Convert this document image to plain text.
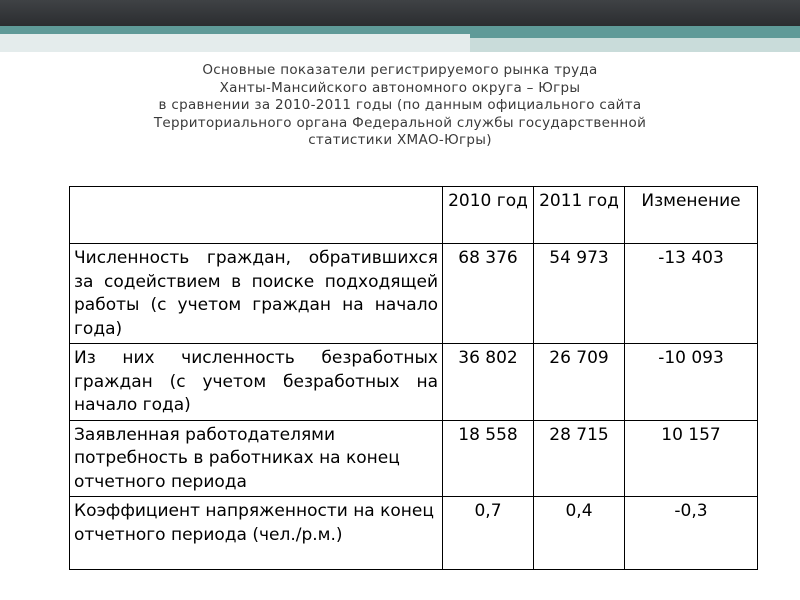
Основные показатели регистрируемого рынка труда
Ханты-Мансийского автономного округа – Югры
в сравнении за 2010-2011 годы (по данным официального сайта
Территориального органа Федеральной службы государственной
статистики ХМАО-Югры)
	2010 год	2011 год	Изменение
Численность граждан, обратившихся за содействием в поиске подходящей работы (с учетом граждан на начало года)	68 376	54 973	-13 403
Из них численность безработных граждан (с учетом безработных на начало года)	36 802	26 709	-10 093
Заявленная работодателями потребность в работниках на конец отчетного периода	18 558	28 715	10 157
Коэффициент напряженности на конец отчетного периода (чел./р.м.)	0,7	0,4	-0,3
